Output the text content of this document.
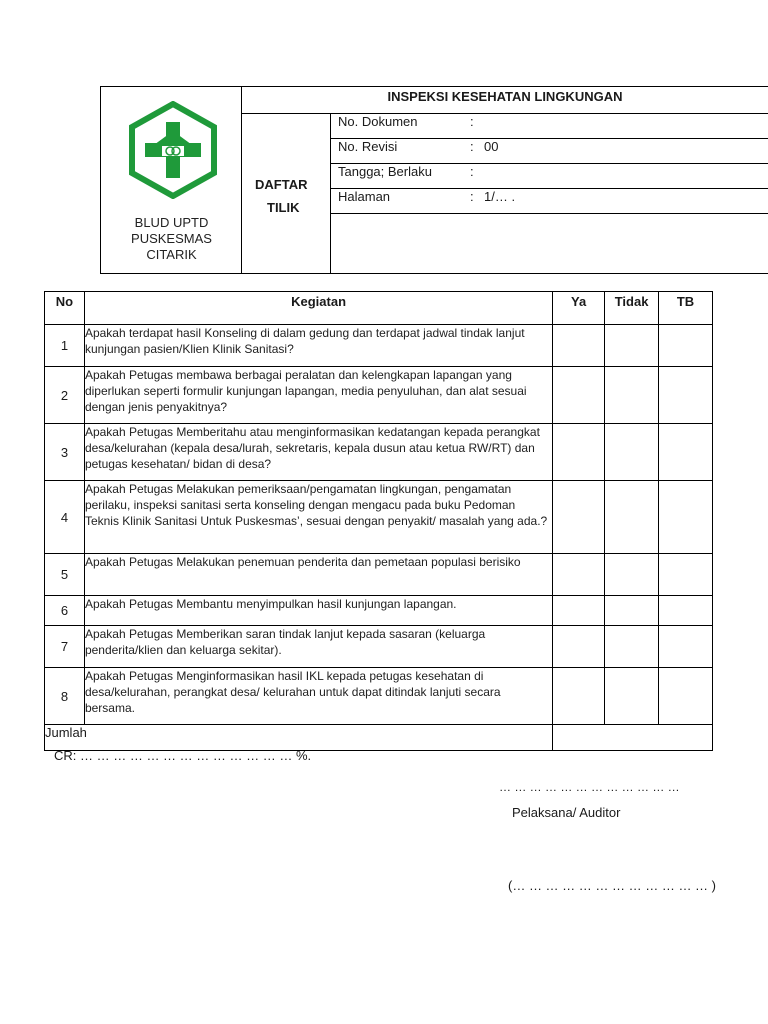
BLUD UPTD
PUSKESMAS
CITARIK
INSPEKSI KESEHATAN LINGKUNGAN
DAFTAR
TILIK
No. Dokumen	:
No. Revisi	: 00
Tangga; Berlaku	:
Halaman	: 1/… .
No	Kegiatan	Ya	Tidak	TB
1	Apakah terdapat hasil Konseling di dalam gedung dan terdapat jadwal tindak lanjut kunjungan pasien/Klien Klinik Sanitasi?			
2	Apakah Petugas membawa berbagai peralatan dan kelengkapan lapangan yang diperlukan seperti formulir kunjungan lapangan, media penyuluhan, dan alat sesuai dengan jenis penyakitnya?			
3	Apakah Petugas Memberitahu atau menginformasikan kedatangan kepada perangkat desa/kelurahan (kepala desa/lurah, sekretaris, kepala dusun atau ketua RW/RT) dan petugas kesehatan/ bidan di desa?			
4	Apakah Petugas Melakukan pemeriksaan/pengamatan lingkungan, pengamatan perilaku, inspeksi sanitasi serta konseling dengan mengacu pada buku Pedoman Teknis Klinik Sanitasi Untuk Puskesmas’, sesuai dengan penyakit/ masalah yang ada.?			
5	Apakah Petugas Melakukan penemuan penderita dan pemetaan populasi berisiko			
6	Apakah Petugas Membantu menyimpulkan hasil kunjungan lapangan.			
7	Apakah Petugas Memberikan saran tindak lanjut kepada sasaran (keluarga penderita/klien dan keluarga sekitar).			
8	Apakah Petugas Menginformasikan hasil IKL kepada petugas kesehatan di desa/kelurahan, perangkat desa/ kelurahan untuk dapat ditindak lanjuti secara bersama.			
Jumlah				
CR: … … … … … … … … … … … … … %.
… … … … … … … … … … … …
Pelaksana/ Auditor
(… … … … … … … … … … … … )
